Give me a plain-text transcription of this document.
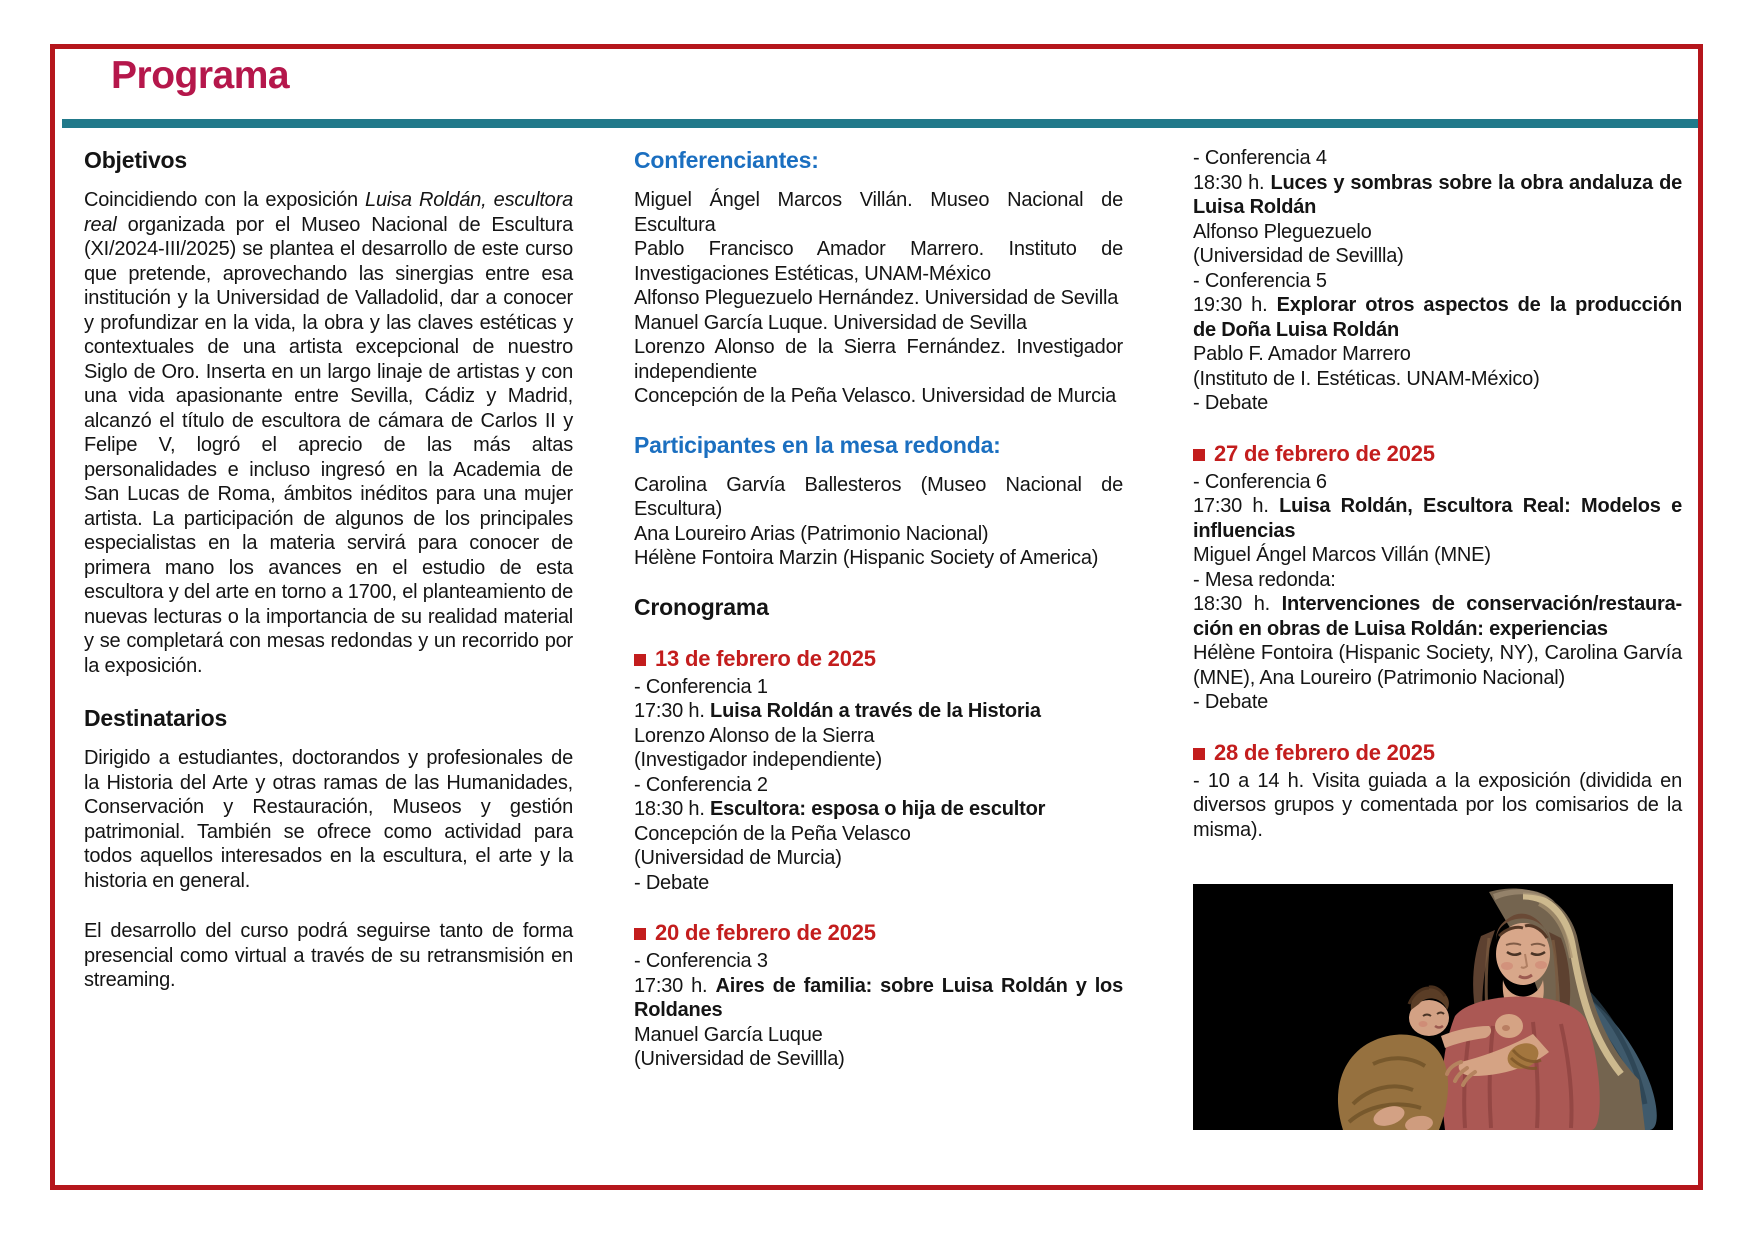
Programa
Objetivos
Coincidiendo con la exposición Luisa Roldán, escultora real organizada por el Museo Nacional de Escultura (XI/2024-III/2025) se plantea el desarrollo de este curso que pretende, aprovechando las sinergias entre esa institución y la Universidad de Valladolid, dar a conocer y profundizar en la vida, la obra y las claves estéticas y contextuales de una artista excepcional de nuestro Siglo de Oro. Inserta en un largo linaje de artistas y con una vida apasionante entre Sevilla, Cádiz y Madrid, alcanzó el título de escultora de cámara de Carlos II y Felipe V, logró el aprecio de las más altas personalidades e incluso ingresó en la Academia de San Lucas de Roma, ámbitos inéditos para una mujer artista. La participación de algunos de los principales especialistas en la materia servirá para conocer de primera mano los avances en el estudio de esta escultora y del arte en torno a 1700, el planteamiento de nuevas lecturas o la importancia de su realidad material y se completará con mesas redondas y un recorrido por la exposición.
Destinatarios
Dirigido a estudiantes, doctorandos y profesionales de la Historia del Arte y otras ramas de las Humanidades, Conservación y Restauración, Museos y gestión patrimonial. También se ofrece como actividad para todos aquellos interesados en la escultura, el arte y la historia en general.
El desarrollo del curso podrá seguirse tanto de forma presencial como virtual a través de su retransmisión en streaming.
Conferenciantes:
Miguel Ángel Marcos Villán. Museo Nacional de Escultura
Pablo Francisco Amador Marrero. Instituto de Investigaciones Estéticas, UNAM-México
Alfonso Pleguezuelo Hernández. Universidad de Sevilla
Manuel García Luque. Universidad de Sevilla
Lorenzo Alonso de la Sierra Fernández. Investigador independiente
Concepción de la Peña Velasco. Universidad de Murcia
Participantes en la mesa redonda:
Carolina Garvía Ballesteros (Museo Nacional de Escultura)
Ana Loureiro Arias (Patrimonio Nacional)
Hélène Fontoira Marzin (Hispanic Society of America)
Cronograma
13 de febrero de 2025
- Conferencia 1
17:30 h. Luisa Roldán a través de la Historia
Lorenzo Alonso de la Sierra
(Investigador independiente)
- Conferencia 2
18:30 h. Escultora: esposa o hija de escultor
Concepción de la Peña Velasco
(Universidad de Murcia)
- Debate
20 de febrero de 2025
- Conferencia 3
17:30 h. Aires de familia: sobre Luisa Roldán y los Roldanes
Manuel García Luque
(Universidad de Sevillla)
- Conferencia 4
18:30 h. Luces y sombras sobre la obra andaluza de Luisa Roldán
Alfonso Pleguezuelo
(Universidad de Sevillla)
- Conferencia 5
19:30 h. Explorar otros aspectos de la producción de Doña Luisa Roldán
Pablo F. Amador Marrero
(Instituto de I. Estéticas. UNAM-México)
- Debate
27 de febrero de 2025
- Conferencia 6
17:30 h. Luisa Roldán, Escultora Real: Modelos e influencias
Miguel Ángel Marcos Villán (MNE)
- Mesa redonda:
18:30 h. Intervenciones de conservación/restaura-ción en obras de Luisa Roldán: experiencias
Hélène Fontoira (Hispanic Society, NY), Carolina Garvía (MNE), Ana Loureiro (Patrimonio Nacional)
- Debate
28 de febrero de 2025
- 10 a 14 h. Visita guiada a la exposición (dividida en diversos grupos y comentada por los comisarios de la misma).
